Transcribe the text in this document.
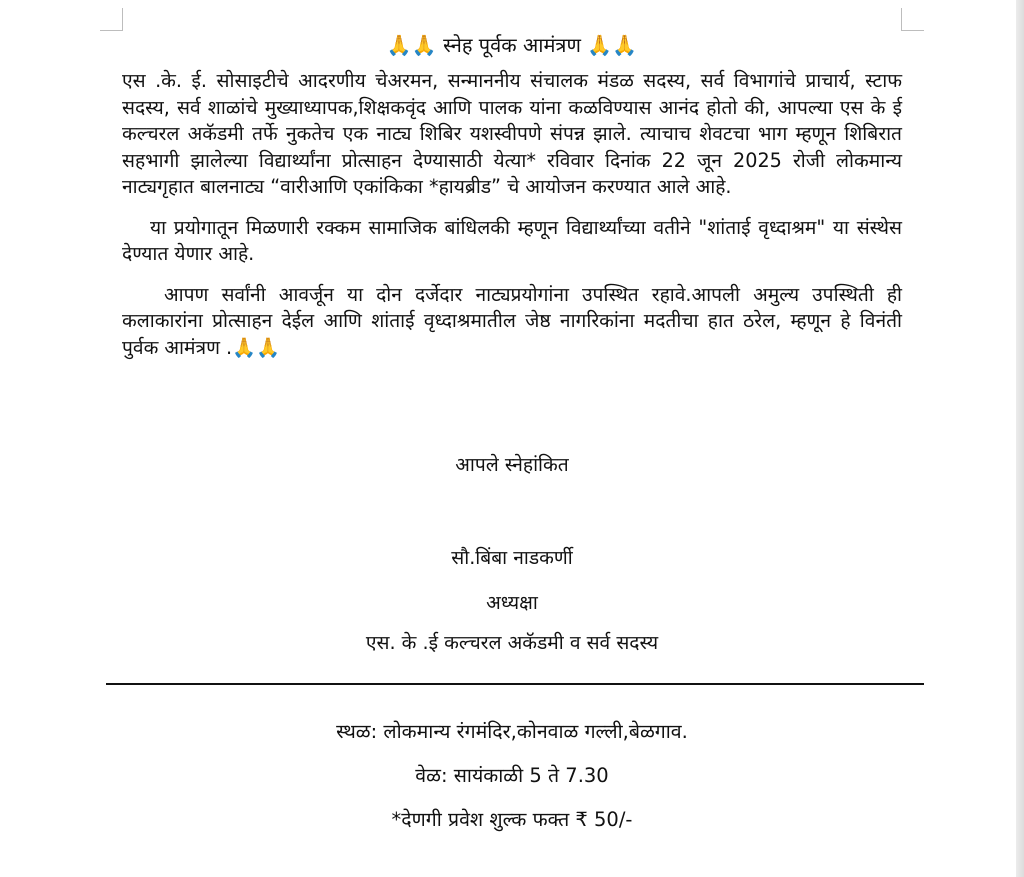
🙏🙏 स्नेह पूर्वक आमंत्रण 🙏🙏

एस .के. ई. सोसाइटीचे आदरणीय चेअरमन, सन्माननीय संचालक मंडळ सदस्य, सर्व विभागांचे प्राचार्य, स्टाफ सदस्य, सर्व शाळांचे मुख्याध्यापक,शिक्षकवृंद आणि पालक यांना कळविण्यास आनंद होतो की, आपल्या एस के ई कल्चरल अकॅडमी तर्फे नुकतेच एक नाट्य शिबिर यशस्वीपणे संपन्न झाले. त्याचाच शेवटचा भाग म्हणून शिबिरात सहभागी झालेल्या विद्यार्थ्यांना प्रोत्साहन देण्यासाठी येत्या* रविवार दिनांक 22 जून 2025 रोजी लोकमान्य नाट्यगृहात बालनाट्य “वारीआणि एकांकिका *हायब्रीड” चे आयोजन करण्यात आले आहे.

या प्रयोगातून मिळणारी रक्कम सामाजिक बांधिलकी म्हणून विद्यार्थ्यांच्या वतीने "शांताई वृध्दाश्रम" या संस्थेस देण्यात येणार आहे.

आपण सर्वांनी आवर्जून या दोन दर्जेदार नाट्यप्रयोगांना उपस्थित रहावे.आपली अमुल्य उपस्थिती ही कलाकारांना प्रोत्साहन देईल आणि शांताई वृध्दाश्रमातील जेष्ठ नागरिकांना मदतीचा हात ठरेल, म्हणून हे विनंती पुर्वक आमंत्रण .🙏🙏

आपले स्नेहांकित
सौ.बिंबा नाडकर्णी
अध्यक्षा
एस. के .ई कल्चरल अकॅडमी व सर्व सदस्य
स्थळ: लोकमान्य रंगमंदिर,कोनवाळ गल्ली,बेळगाव.
वेळ: सायंकाळी 5 ते 7.30
*देणगी प्रवेश शुल्क फक्त ₹ 50/-
